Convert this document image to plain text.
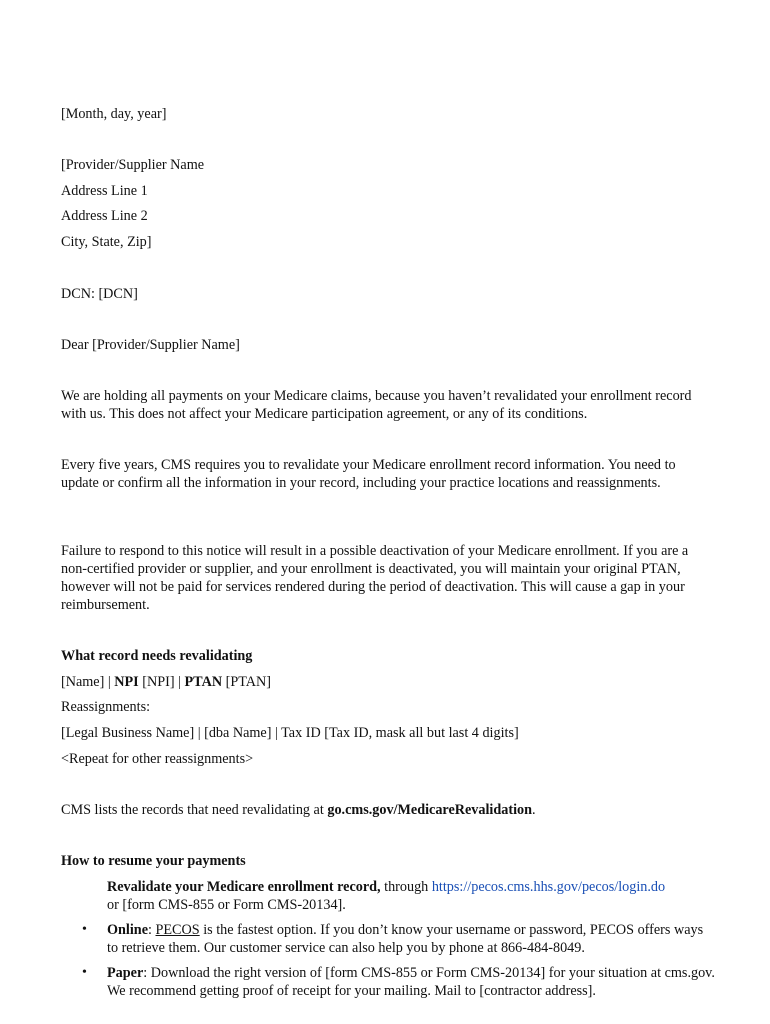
[Month, day, year]
[Provider/Supplier Name
Address Line 1
Address Line 2
City, State, Zip]
DCN: [DCN]
Dear [Provider/Supplier Name]
We are holding all payments on your Medicare claims, because you haven’t revalidated your enrollment record with us. This does not affect your Medicare participation agreement, or any of its conditions.
Every five years, CMS requires you to revalidate your Medicare enrollment record information. You need to update or confirm all the information in your record, including your practice locations and reassignments.
Failure to respond to this notice will result in a possible deactivation of your Medicare enrollment. If you are a non-certified provider or supplier, and your enrollment is deactivated, you will maintain your original PTAN, however will not be paid for services rendered during the period of deactivation. This will cause a gap in your reimbursement.
What record needs revalidating
[Name] | NPI [NPI] | PTAN [PTAN]
Reassignments:
[Legal Business Name] | [dba Name] | Tax ID [Tax ID, mask all but last 4 digits]
<Repeat for other reassignments>
CMS lists the records that need revalidating at go.cms.gov/MedicareRevalidation.
How to resume your payments
Revalidate your Medicare enrollment record, through https://pecos.cms.hhs.gov/pecos/login.do
or [form CMS-855 or Form CMS-20134].
• Online: PECOS is the fastest option. If you don’t know your username or password, PECOS offers ways to retrieve them. Our customer service can also help you by phone at 866-484-8049.
• Paper: Download the right version of [form CMS-855 or Form CMS-20134] for your situation at cms.gov. We recommend getting proof of receipt for your mailing. Mail to [contractor address].
